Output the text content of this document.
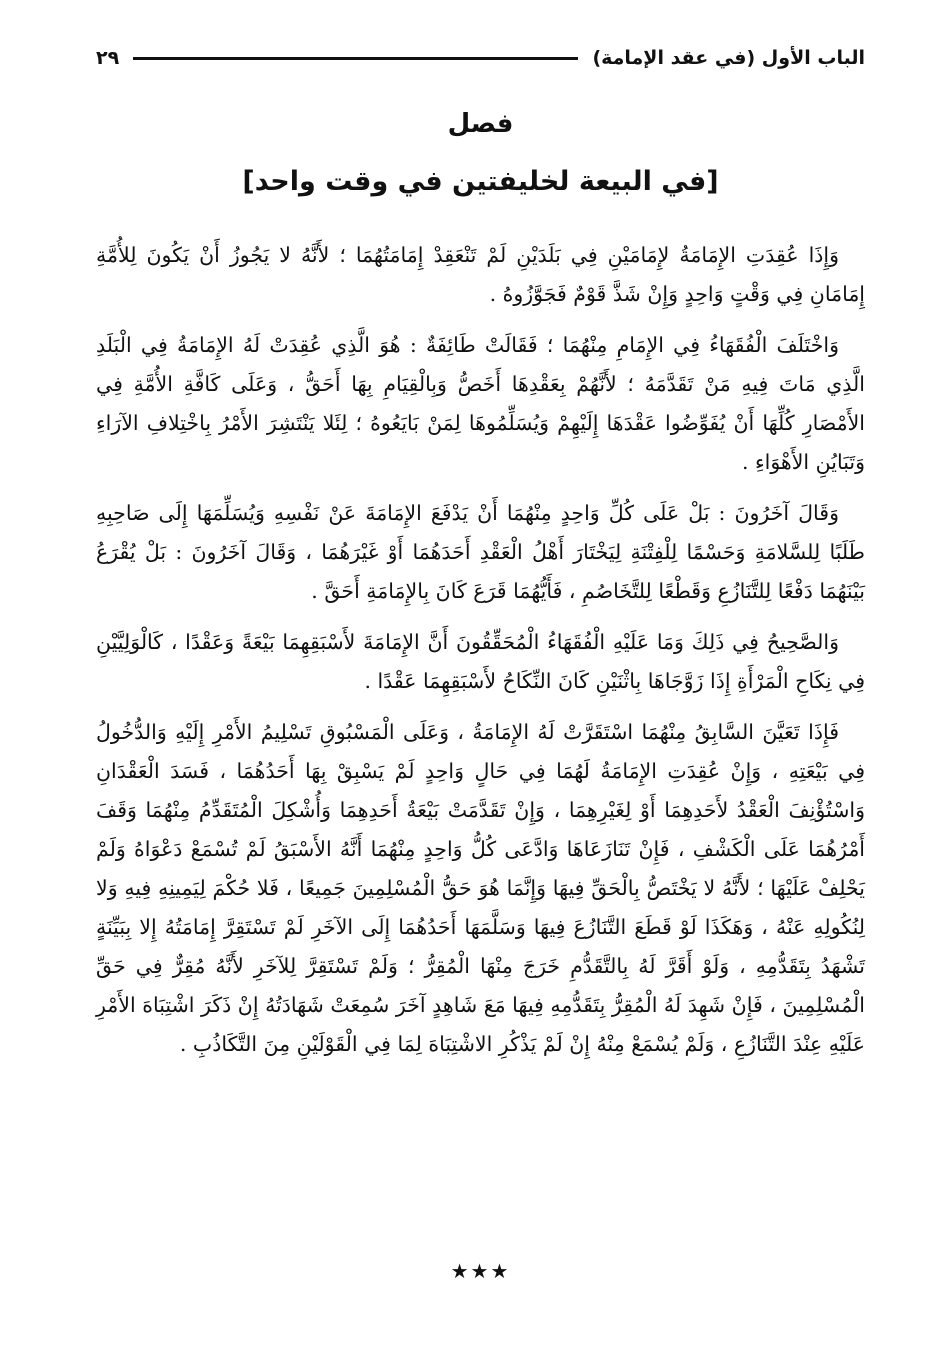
الباب الأول (في عقد الإمامة)
٢٩
فصل
[في البيعة لخليفتين في وقت واحد]

وَإِذَا عُقِدَتِ الإِمَامَةُ لإِمَامَيْنِ فِي بَلَدَيْنِ لَمْ تَنْعَقِدْ إِمَامَتُهُمَا ؛ لأَنَّهُ لا يَجُوزُ أَنْ يَكُونَ لِلأُمَّةِ إِمَامَانِ فِي وَقْتٍ وَاحِدٍ وَإِنْ شَذَّ قَوْمٌ فَجَوَّزُوهُ .

وَاخْتَلَفَ الْفُقَهَاءُ فِي الإِمَامِ مِنْهُمَا ؛ فَقَالَتْ طَائِفَةٌ : هُوَ الَّذِي عُقِدَتْ لَهُ الإِمَامَةُ فِي الْبَلَدِ الَّذِي مَاتَ فِيهِ مَنْ تَقَدَّمَهُ ؛ لأَنَّهُمْ بِعَقْدِهَا أَخَصُّ وَبِالْقِيَامِ بِهَا أَحَقُّ ، وَعَلَى كَافَّةِ الأُمَّةِ فِي الأَمْصَارِ كُلِّهَا أَنْ يُفَوِّضُوا عَقْدَهَا إِلَيْهِمْ وَيُسَلِّمُوهَا لِمَنْ بَايَعُوهُ ؛ لِئَلا يَنْتَشِرَ الأَمْرُ بِاخْتِلافِ الآرَاءِ وَتَبَايُنِ الأَهْوَاءِ .

وَقَالَ آخَرُونَ : بَلْ عَلَى كُلِّ وَاحِدٍ مِنْهُمَا أَنْ يَدْفَعَ الإِمَامَةَ عَنْ نَفْسِهِ وَيُسَلِّمَهَا إِلَى صَاحِبِهِ طَلَبًا لِلسَّلامَةِ وَحَسْمًا لِلْفِتْنَةِ لِيَخْتَارَ أَهْلُ الْعَقْدِ أَحَدَهُمَا أَوْ غَيْرَهُمَا ، وَقَالَ آخَرُونَ : بَلْ يُقْرَعُ بَيْنَهُمَا دَفْعًا لِلتَّنَازُعِ وَقَطْعًا لِلتَّخَاصُمِ ، فَأَيُّهُمَا قَرَعَ كَانَ بِالإِمَامَةِ أَحَقَّ .

وَالصَّحِيحُ فِي ذَلِكَ وَمَا عَلَيْهِ الْفُقَهَاءُ الْمُحَقِّقُونَ أَنَّ الإِمَامَةَ لأَسْبَقِهِمَا بَيْعَةً وَعَقْدًا ، كَالْوَلِيَّيْنِ فِي نِكَاحِ الْمَرْأَةِ إِذَا زَوَّجَاهَا بِاثْنَيْنِ كَانَ النِّكَاحُ لأَسْبَقِهِمَا عَقْدًا .

فَإِذَا تَعَيَّنَ السَّابِقُ مِنْهُمَا اسْتَقَرَّتْ لَهُ الإِمَامَةُ ، وَعَلَى الْمَسْبُوقِ تَسْلِيمُ الأَمْرِ إِلَيْهِ وَالدُّخُولُ فِي بَيْعَتِهِ ، وَإِنْ عُقِدَتِ الإِمَامَةُ لَهُمَا فِي حَالٍ وَاحِدٍ لَمْ يَسْبِقْ بِهَا أَحَدُهُمَا ، فَسَدَ الْعَقْدَانِ وَاسْتُؤْنِفَ الْعَقْدُ لأَحَدِهِمَا أَوْ لِغَيْرِهِمَا ، وَإِنْ تَقَدَّمَتْ بَيْعَةُ أَحَدِهِمَا وَأُشْكِلَ الْمُتَقَدِّمُ مِنْهُمَا وَقَفَ أَمْرُهُمَا عَلَى الْكَشْفِ ، فَإِنْ تَنَازَعَاهَا وَادَّعَى كُلُّ وَاحِدٍ مِنْهُمَا أَنَّهُ الأَسْبَقُ لَمْ تُسْمَعْ دَعْوَاهُ وَلَمْ يَحْلِفْ عَلَيْهَا ؛ لأَنَّهُ لا يَخْتَصُّ بِالْحَقِّ فِيهَا وَإِنَّمَا هُوَ حَقُّ الْمُسْلِمِينَ جَمِيعًا ، فَلا حُكْمَ لِيَمِينِهِ فِيهِ وَلا لِنُكُولِهِ عَنْهُ ، وَهَكَذَا لَوْ قَطَعَ التَّنَازُعَ فِيهَا وَسَلَّمَهَا أَحَدُهُمَا إِلَى الآخَرِ لَمْ تَسْتَقِرَّ إِمَامَتُهُ إِلا بِبَيِّنَةٍ تَشْهَدُ بِتَقَدُّمِهِ ، وَلَوْ أَقَرَّ لَهُ بِالتَّقَدُّمِ خَرَجَ مِنْهَا الْمُقِرُّ ؛ وَلَمْ تَسْتَقِرَّ لِلآخَرِ لأَنَّهُ مُقِرٌّ فِي حَقِّ الْمُسْلِمِينَ ، فَإِنْ شَهِدَ لَهُ الْمُقِرُّ بِتَقَدُّمِهِ فِيهَا مَعَ شَاهِدٍ آخَرَ سُمِعَتْ شَهَادَتُهُ إِنْ ذَكَرَ اشْتِبَاهَ الأَمْرِ عَلَيْهِ عِنْدَ التَّنَازُعِ ، وَلَمْ يُسْمَعْ مِنْهُ إِنْ لَمْ يَذْكُرِ الاشْتِبَاهَ لِمَا فِي الْقَوْلَيْنِ مِنَ التَّكَاذُبِ .

★★★
